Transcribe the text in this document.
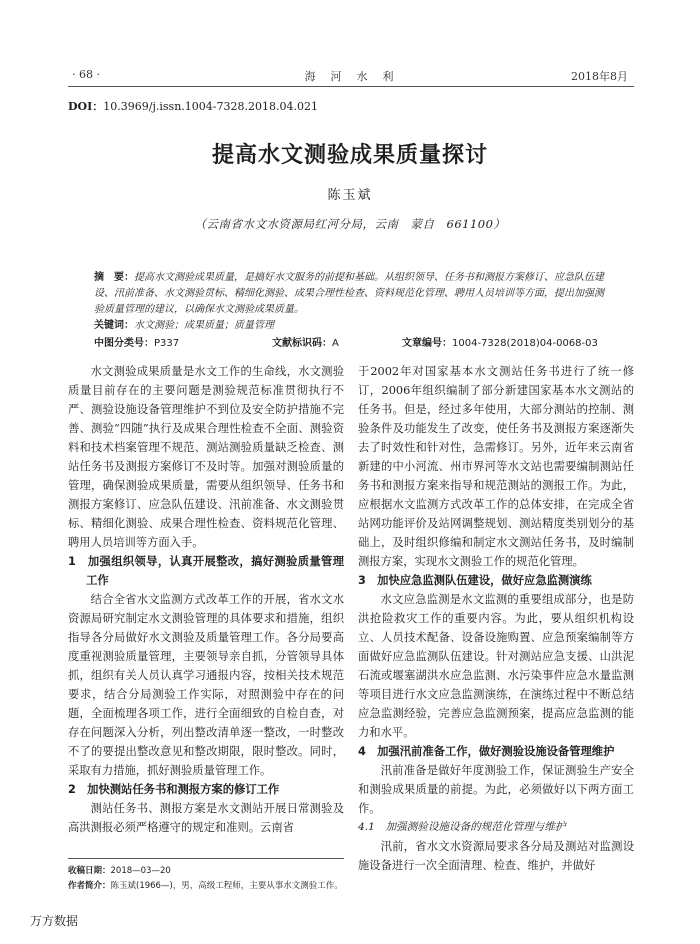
· 68 ·	海　河　水　利	2018年8月
DOI：10.3969/j.issn.1004-7328.2018.04.021
提高水文测验成果质量探讨
陈玉斌
（云南省水文水资源局红河分局，云南　蒙自　661100）
摘　要：提高水文测验成果质量，是搞好水文服务的前提和基础。从组织领导、任务书和测报方案修订、应急队伍建设、汛前准备、水文测验贯标、精细化测验、成果合理性检查、资料规范化管理、聘用人员培训等方面，提出加强测验质量管理的建议，以确保水文测验成果质量。
关键词：水文测验；成果质量；质量管理
中图分类号：P337	文献标识码：A	文章编号：1004-7328(2018)04-0068-03

水文测验成果质量是水文工作的生命线，水文测验质量目前存在的主要问题是测验规范标准贯彻执行不严、测验设施设备管理维护不到位及安全防护措施不完善、测验“四随”执行及成果合理性检查不全面、测验资料和技术档案管理不规范、测站测验质量缺乏检查、测站任务书及测报方案修订不及时等。加强对测验质量的管理，确保测验成果质量，需要从组织领导、任务书和测报方案修订、应急队伍建设、汛前准备、水文测验贯标、精细化测验、成果合理性检查、资料规范化管理、聘用人员培训等方面入手。

1　加强组织领导，认真开展整改，搞好测验质量管理工作

结合全省水文监测方式改革工作的开展，省水文水资源局研究制定水文测验管理的具体要求和措施，组织指导各分局做好水文测验及质量管理工作。各分局要高度重视测验质量管理，主要领导亲自抓，分管领导具体抓，组织有关人员认真学习通报内容，按相关技术规范要求，结合分局测验工作实际，对照测验中存在的问题，全面梳理各项工作，进行全面细致的自检自查，对存在问题深入分析，列出整改清单逐一整改，一时整改不了的要提出整改意见和整改期限，限时整改。同时，采取有力措施，抓好测验质量管理工作。

2　加快测站任务书和测报方案的修订工作

测站任务书、测报方案是水文测站开展日常测验及高洪测报必须严格遵守的规定和准则。云南省

于2002年对国家基本水文测站任务书进行了统一修订，2006年组织编制了部分新建国家基本水文测站的任务书。但是，经过多年使用，大部分测站的控制、测验条件及功能发生了改变，使任务书及测报方案逐渐失去了时效性和针对性，急需修订。另外，近年来云南省新建的中小河流、州市界河等水文站也需要编制测站任务书和测报方案来指导和规范测站的测报工作。为此，应根据水文监测方式改革工作的总体安排，在完成全省站网功能评价及站网调整规划、测站精度类别划分的基础上，及时组织修编和制定水文测站任务书，及时编制测报方案，实现水文测验工作的规范化管理。

3　加快应急监测队伍建设，做好应急监测演练

水文应急监测是水文监测的重要组成部分，也是防洪抢险救灾工作的重要内容。为此，要从组织机构设立、人员技术配备、设备设施购置、应急预案编制等方面做好应急监测队伍建设。针对测站应急支援、山洪泥石流或堰塞湖洪水应急监测、水污染事件应急水量监测等项目进行水文应急监测演练，在演练过程中不断总结应急监测经验，完善应急监测预案，提高应急监测的能力和水平。

4　加强汛前准备工作，做好测验设施设备管理维护

汛前准备是做好年度测验工作，保证测验生产安全和测验成果质量的前提。为此，必须做好以下两方面工作。

4.1　加强测验设施设备的规范化管理与维护

汛前，省水文水资源局要求各分局及测站对监测设施设备进行一次全面清理、检查、维护，并做好

收稿日期：2018—03—20
作者简介：陈玉斌(1966—)，男，高级工程师，主要从事水文测验工作。
万方数据
